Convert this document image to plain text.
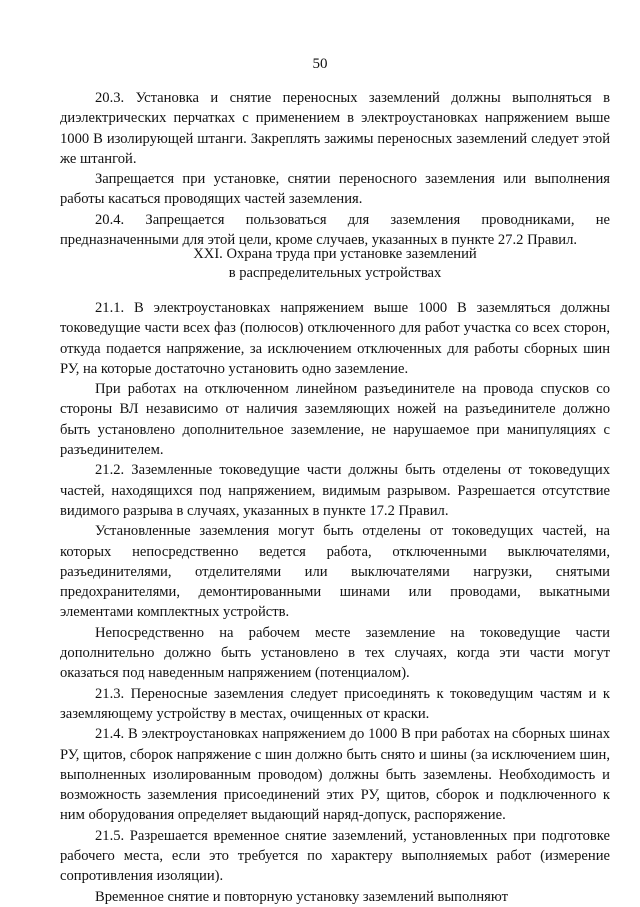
50

20.3. Установка и снятие переносных заземлений должны выполняться в диэлектрических перчатках с применением в электроустановках напряжением выше 1000 В изолирующей штанги. Закреплять зажимы переносных заземлений следует этой же штангой.

Запрещается при установке, снятии переносного заземления или выполнения работы касаться проводящих частей заземления.

20.4. Запрещается пользоваться для заземления проводниками, не предназначенными для этой цели, кроме случаев, указанных в пункте 27.2 Правил.

XXI. Охрана труда при установке заземлений
в распределительных устройствах

21.1. В электроустановках напряжением выше 1000 В заземляться должны токоведущие части всех фаз (полюсов) отключенного для работ участка со всех сторон, откуда подается напряжение, за исключением отключенных для работы сборных шин РУ, на которые достаточно установить одно заземление.

При работах на отключенном линейном разъединителе на провода спусков со стороны ВЛ независимо от наличия заземляющих ножей на разъединителе должно быть установлено дополнительное заземление, не нарушаемое при манипуляциях с разъединителем.

21.2. Заземленные токоведущие части должны быть отделены от токоведущих частей, находящихся под напряжением, видимым разрывом. Разрешается отсутствие видимого разрыва в случаях, указанных в пункте 17.2 Правил.

Установленные заземления могут быть отделены от токоведущих частей, на которых непосредственно ведется работа, отключенными выключателями, разъединителями, отделителями или выключателями нагрузки, снятыми предохранителями, демонтированными шинами или проводами, выкатными элементами комплектных устройств.

Непосредственно на рабочем месте заземление на токоведущие части дополнительно должно быть установлено в тех случаях, когда эти части могут оказаться под наведенным напряжением (потенциалом).

21.3. Переносные заземления следует присоединять к токоведущим частям и к заземляющему устройству в местах, очищенных от краски.

21.4. В электроустановках напряжением до 1000 В при работах на сборных шинах РУ, щитов, сборок напряжение с шин должно быть снято и шины (за исключением шин, выполненных изолированным проводом) должны быть заземлены. Необходимость и возможность заземления присоединений этих РУ, щитов, сборок и подключенного к ним оборудования определяет выдающий наряд-допуск, распоряжение.

21.5. Разрешается временное снятие заземлений, установленных при подготовке рабочего места, если это требуется по характеру выполняемых работ (измерение сопротивления изоляции).

Временное снятие и повторную установку заземлений выполняют
